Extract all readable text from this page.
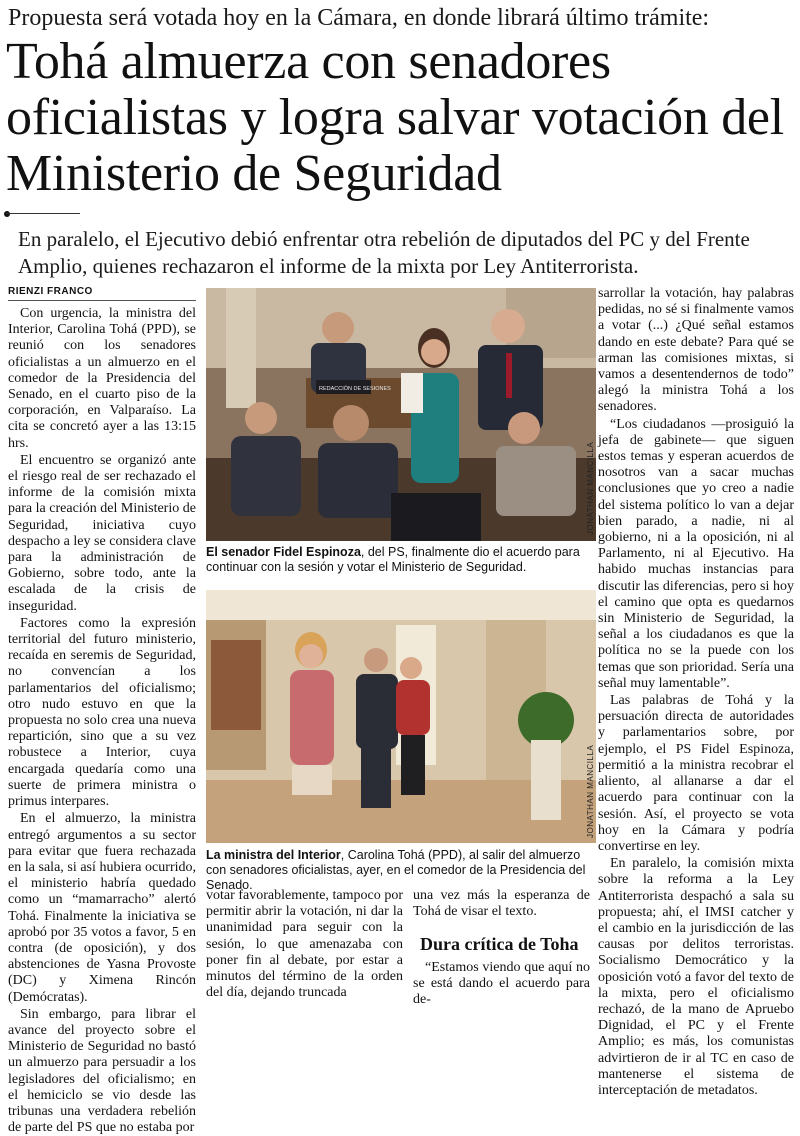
Propuesta será votada hoy en la Cámara, en donde librará último trámite:
Tohá almuerza con senadores oficialistas y logra salvar votación del Ministerio de Seguridad
En paralelo, el Ejecutivo debió enfrentar otra rebelión de diputados del PC y del Frente Amplio, quienes rechazaron el informe de la mixta por Ley Antiterrorista.
RIENZI FRANCO

Con urgencia, la ministra del Interior, Carolina Tohá (PPD), se reunió con los senadores oficialistas a un almuerzo en el comedor de la Presidencia del Senado, en el cuarto piso de la corporación, en Valparaíso. La cita se concretó ayer a las 13:15 hrs.

El encuentro se organizó ante el riesgo real de ser rechazado el informe de la comisión mixta para la creación del Ministerio de Seguridad, iniciativa cuyo despacho a ley se considera clave para la administración de Gobierno, sobre todo, ante la escalada de la crisis de inseguridad.

Factores como la expresión territorial del futuro ministerio, recaída en seremis de Seguridad, no convencían a los parlamentarios del oficialismo; otro nudo estuvo en que la propuesta no solo crea una nueva repartición, sino que a su vez robustece a Interior, cuya encargada quedaría como una suerte de primera ministra o primus interpares.

En el almuerzo, la ministra entregó argumentos a su sector para evitar que fuera rechazada en la sala, si así hubiera ocurrido, el ministerio habría quedado como un “mamarracho” alertó Tohá. Finalmente la iniciativa se aprobó por 35 votos a favor, 5 en contra (de oposición), y dos abstenciones de Yasna Provoste (DC) y Ximena Rincón (Demócratas).

Sin embargo, para librar el avance del proyecto sobre el Ministerio de Seguridad no bastó un almuerzo para persuadir a los legisladores del oficialismo; en el hemiciclo se vio desde las tribunas una verdadera rebelión de parte del PS que no estaba por

REDACCIÓN DE SESIONES
JONATHAN MANCILLA
El senador Fidel Espinoza, del PS, finalmente dio el acuerdo para continuar con la sesión y votar el Ministerio de Seguridad.
JONATHAN MANCILLA
La ministra del Interior, Carolina Tohá (PPD), al salir del almuerzo con senadores oficialistas, ayer, en el comedor de la Presidencia del Senado.

votar favorablemente, tampoco por permitir abrir la votación, ni dar la unanimidad para seguir con la sesión, lo que amenazaba con poner fin al debate, por estar a minutos del término de la orden del día, dejando truncada

una vez más la esperanza de Tohá de visar el texto.

Dura crítica de Toha

“Estamos viendo que aquí no se está dando el acuerdo para de-

sarrollar la votación, hay palabras pedidas, no sé si finalmente vamos a votar (...) ¿Qué señal estamos dando en este debate? Para qué se arman las comisiones mixtas, si vamos a desentendernos de todo” alegó la ministra Tohá a los senadores.

“Los ciudadanos —prosiguió la jefa de gabinete— que siguen estos temas y esperan acuerdos de nosotros van a sacar muchas conclusiones que yo creo a nadie del sistema político lo van a dejar bien parado, a nadie, ni al gobierno, ni a la oposición, ni al Parlamento, ni al Ejecutivo. Ha habido muchas instancias para discutir las diferencias, pero si hoy el camino que opta es quedarnos sin Ministerio de Seguridad, la señal a los ciudadanos es que la política no se la puede con los temas que son prioridad. Sería una señal muy lamentable”.

Las palabras de Tohá y la persuación directa de autoridades y parlamentarios sobre, por ejemplo, el PS Fidel Espinoza, permitió a la ministra recobrar el aliento, al allanarse a dar el acuerdo para continuar con la sesión. Así, el proyecto se vota hoy en la Cámara y podría convertirse en ley.

En paralelo, la comisión mixta sobre la reforma a la Ley Antiterrorista despachó a sala su propuesta; ahí, el IMSI catcher y el cambio en la jurisdicción de las causas por delitos terroristas. Socialismo Democrático y la oposición votó a favor del texto de la mixta, pero el oficialismo rechazó, de la mano de Apruebo Dignidad, el PC y el Frente Amplio; es más, los comunistas advirtieron de ir al TC en caso de mantenerse el sistema de interceptación de metadatos.
